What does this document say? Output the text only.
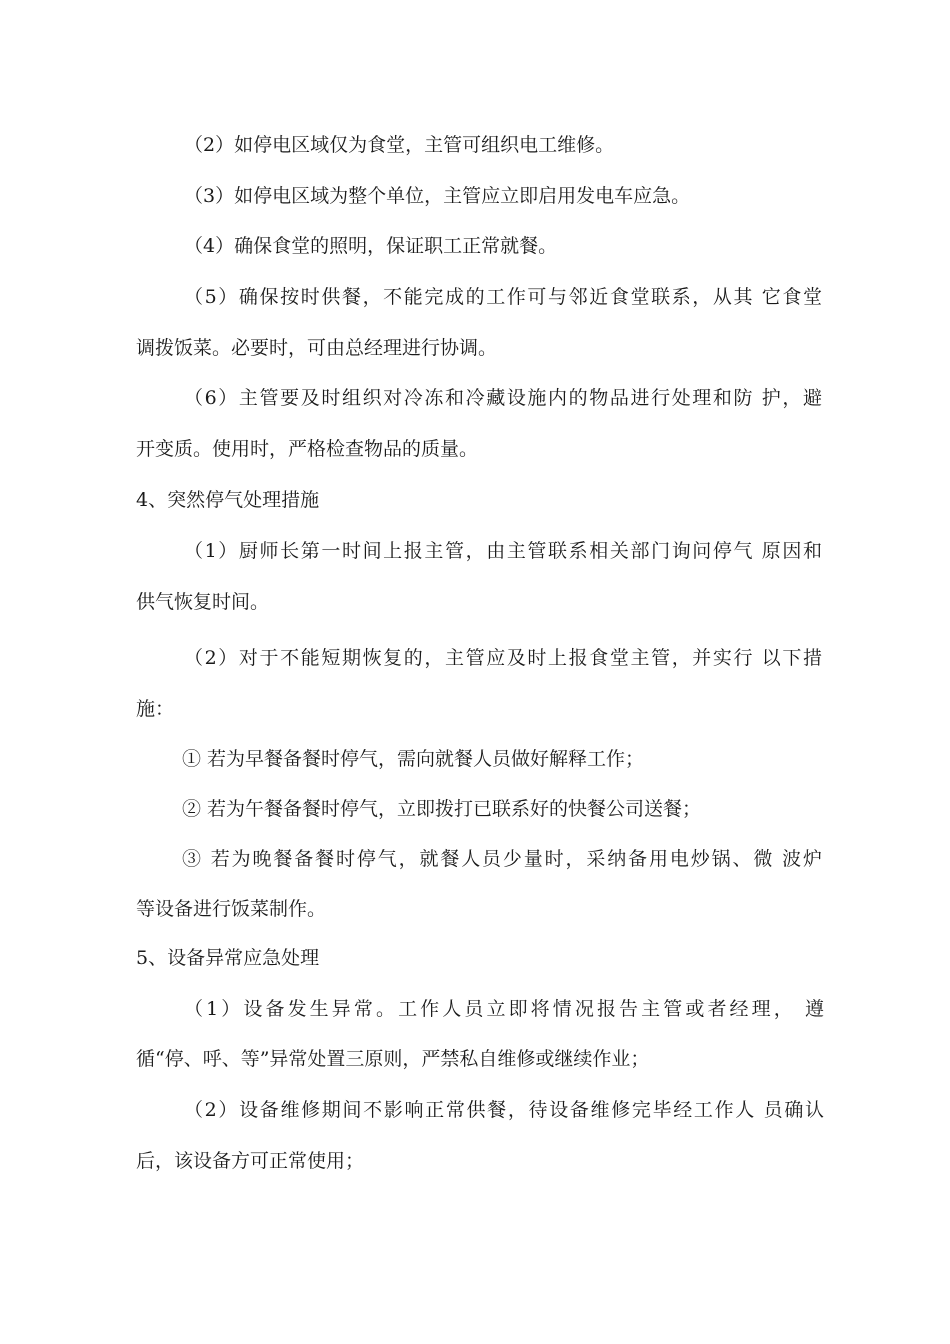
（2）如停电区域仅为食堂，主管可组织电工维修。
（3）如停电区域为整个单位，主管应立即启用发电车应急。
（4）确保食堂的照明，保证职工正常就餐。
（5）确保按时供餐，不能完成的工作可与邻近食堂联系，从其 它食堂
调拨饭菜。必要时，可由总经理进行协调。
（6）主管要及时组织对冷冻和冷藏设施内的物品进行处理和防 护，避
开变质。使用时，严格检查物品的质量。
4、突然停气处理措施
（1）厨师长第一时间上报主管，由主管联系相关部门询问停气 原因和
供气恢复时间。
（2）对于不能短期恢复的，主管应及时上报食堂主管，并实行 以下措
施：
① 若为早餐备餐时停气，需向就餐人员做好解释工作；
② 若为午餐备餐时停气，立即拨打已联系好的快餐公司送餐；
③ 若为晚餐备餐时停气，就餐人员少量时，采纳备用电炒锅、微 波炉
等设备进行饭菜制作。
5、设备异常应急处理
（1）设备发生异常。工作人员立即将情况报告主管或者经理， 遵
循“停、呼、等”异常处置三原则，严禁私自维修或继续作业；
（2）设备维修期间不影响正常供餐，待设备维修完毕经工作人 员确认
后，该设备方可正常使用；
